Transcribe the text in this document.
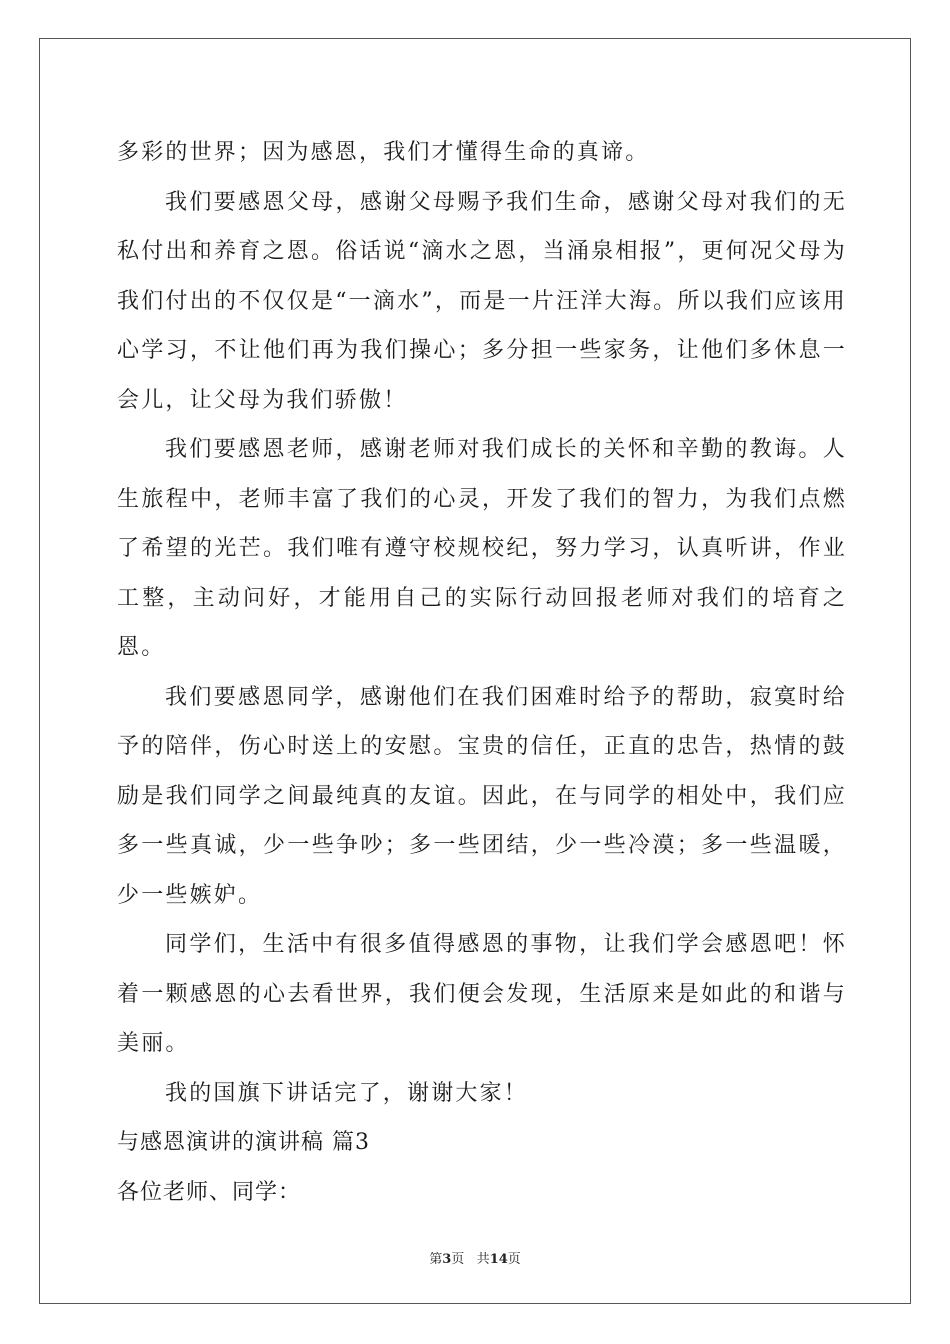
多彩的世界；因为感恩，我们才懂得生命的真谛。

我们要感恩父母，感谢父母赐予我们生命，感谢父母对我们的无私付出和养育之恩。俗话说“滴水之恩，当涌泉相报”，更何况父母为我们付出的不仅仅是“一滴水”，而是一片汪洋大海。所以我们应该用心学习，不让他们再为我们操心；多分担一些家务，让他们多休息一会儿，让父母为我们骄傲！

我们要感恩老师，感谢老师对我们成长的关怀和辛勤的教诲。人生旅程中，老师丰富了我们的心灵，开发了我们的智力，为我们点燃了希望的光芒。我们唯有遵守校规校纪，努力学习，认真听讲，作业工整，主动问好，才能用自己的实际行动回报老师对我们的培育之恩。

我们要感恩同学，感谢他们在我们困难时给予的帮助，寂寞时给予的陪伴，伤心时送上的安慰。宝贵的信任，正直的忠告，热情的鼓励是我们同学之间最纯真的友谊。因此，在与同学的相处中，我们应多一些真诚，少一些争吵；多一些团结，少一些冷漠；多一些温暖，少一些嫉妒。

同学们，生活中有很多值得感恩的事物，让我们学会感恩吧！怀着一颗感恩的心去看世界，我们便会发现，生活原来是如此的和谐与美丽。

我的国旗下讲话完了，谢谢大家！

与感恩演讲的演讲稿 篇3

各位老师、同学：

第3页 共14页
